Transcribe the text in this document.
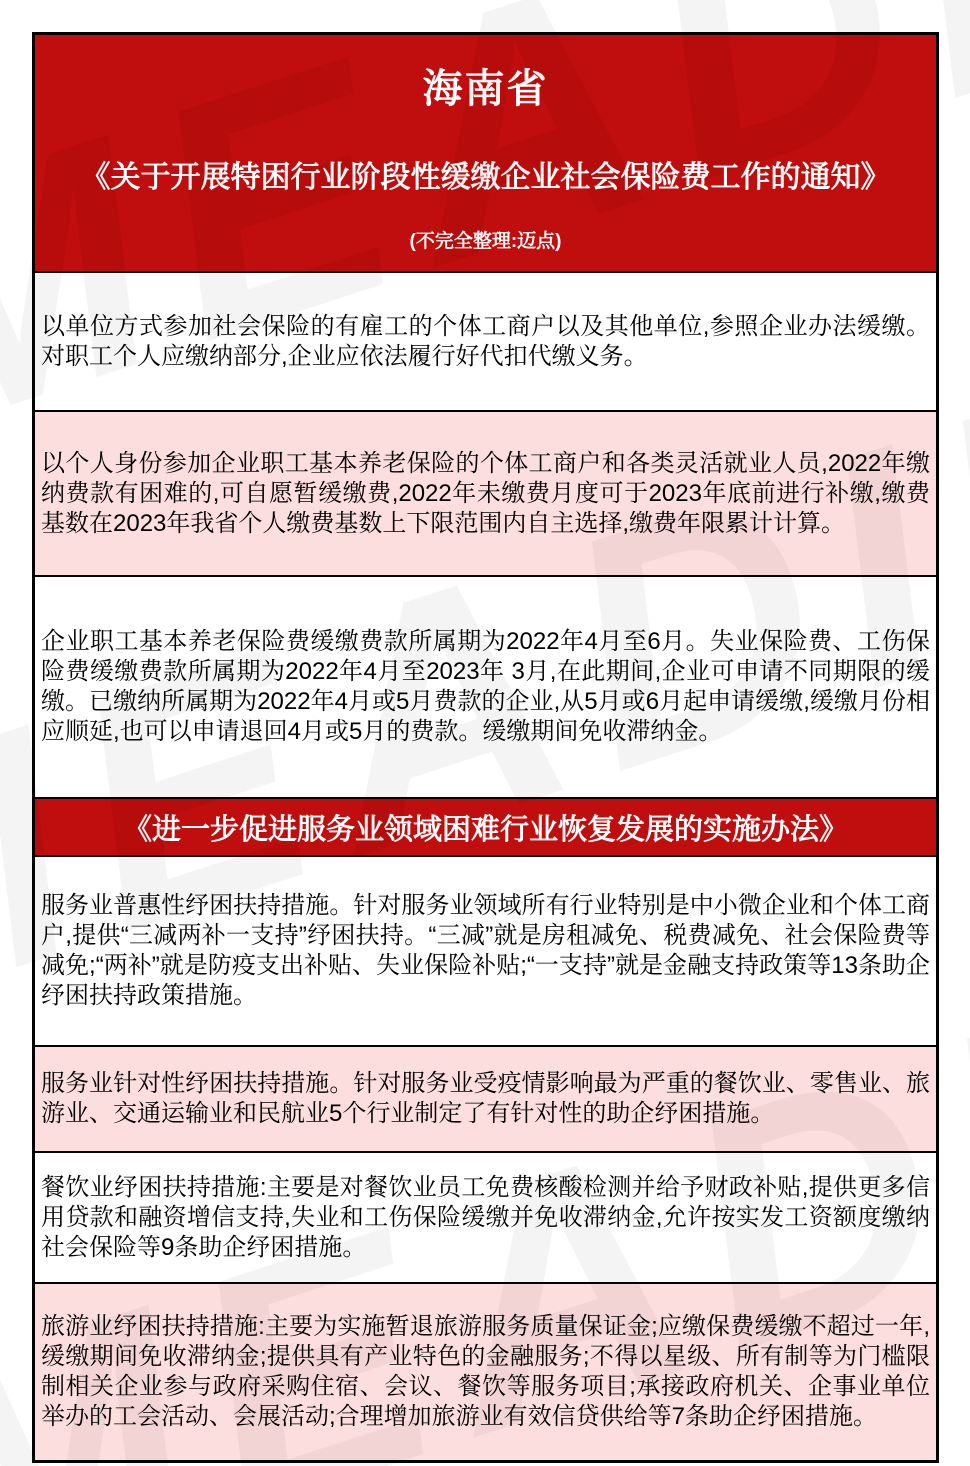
海南省
《关于开展特困行业阶段性缓缴企业社会保险费工作的通知》
(不完全整理:迈点)

以单位方式参加社会保险的有雇工的个体工商户以及其他单位,参照企业办法缓缴。对职工个人应缴纳部分,企业应依法履行好代扣代缴义务。

以个人身份参加企业职工基本养老保险的个体工商户和各类灵活就业人员,2022年缴纳费款有困难的,可自愿暂缓缴费,2022年未缴费月度可于2023年底前进行补缴,缴费基数在2023年我省个人缴费基数上下限范围内自主选择,缴费年限累计计算。

企业职工基本养老保险费缓缴费款所属期为2022年4月至6月。失业保险费、工伤保险费缓缴费款所属期为2022年4月至2023年 3月,在此期间,企业可申请不同期限的缓缴。已缴纳所属期为2022年4月或5月费款的企业,从5月或6月起申请缓缴,缓缴月份相应顺延,也可以申请退回4月或5月的费款。缓缴期间免收滞纳金。

《进一步促进服务业领域困难行业恢复发展的实施办法》

服务业普惠性纾困扶持措施。针对服务业领域所有行业特别是中小微企业和个体工商户,提供“三减两补一支持”纾困扶持。“三减”就是房租减免、税费减免、社会保险费等减免;“两补”就是防疫支出补贴、失业保险补贴;“一支持”就是金融支持政策等13条助企纾困扶持政策措施。

服务业针对性纾困扶持措施。针对服务业受疫情影响最为严重的餐饮业、零售业、旅游业、交通运输业和民航业5个行业制定了有针对性的助企纾困措施。

餐饮业纾困扶持措施:主要是对餐饮业员工免费核酸检测并给予财政补贴,提供更多信用贷款和融资增信支持,失业和工伤保险缓缴并免收滞纳金,允许按实发工资额度缴纳社会保险等9条助企纾困措施。

旅游业纾困扶持措施:主要为实施暂退旅游服务质量保证金;应缴保费缓缴不超过一年,缓缴期间免收滞纳金;提供具有产业特色的金融服务;不得以星级、所有制等为门槛限制相关企业参与政府采购住宿、会议、餐饮等服务项目;承接政府机关、企事业单位举办的工会活动、会展活动;合理增加旅游业有效信贷供给等7条助企纾困措施。
